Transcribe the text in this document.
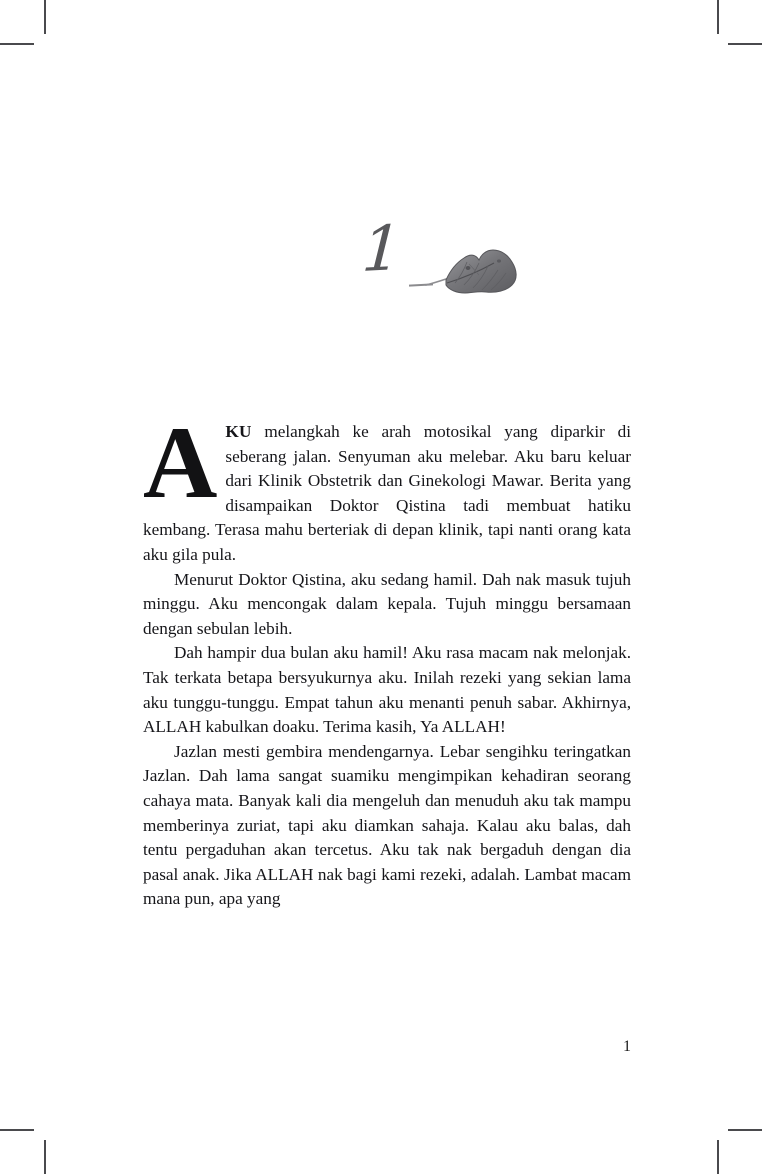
1

AKU melangkah ke arah motosikal yang diparkir di seberang jalan. Senyuman aku melebar. Aku baru keluar dari Klinik Obstetrik dan Ginekologi Mawar. Berita yang disampaikan Doktor Qistina tadi membuat hatiku kembang. Terasa mahu berteriak di depan klinik, tapi nanti orang kata aku gila pula.

Menurut Doktor Qistina, aku sedang hamil. Dah nak masuk tujuh minggu. Aku mencongak dalam kepala. Tujuh minggu bersamaan dengan sebulan lebih.

Dah hampir dua bulan aku hamil! Aku rasa macam nak melonjak. Tak terkata betapa bersyukurnya aku. Inilah rezeki yang sekian lama aku tunggu-tunggu. Empat tahun aku menanti penuh sabar. Akhirnya, ALLAH kabulkan doaku. Terima kasih, Ya ALLAH!

Jazlan mesti gembira mendengarnya. Lebar sengihku teringatkan Jazlan. Dah lama sangat suamiku mengimpikan kehadiran seorang cahaya mata. Banyak kali dia mengeluh dan menuduh aku tak mampu memberinya zuriat, tapi aku diamkan sahaja. Kalau aku balas, dah tentu pergaduhan akan tercetus. Aku tak nak bergaduh dengan dia pasal anak. Jika ALLAH nak bagi kami rezeki, adalah. Lambat macam mana pun, apa yang

1
